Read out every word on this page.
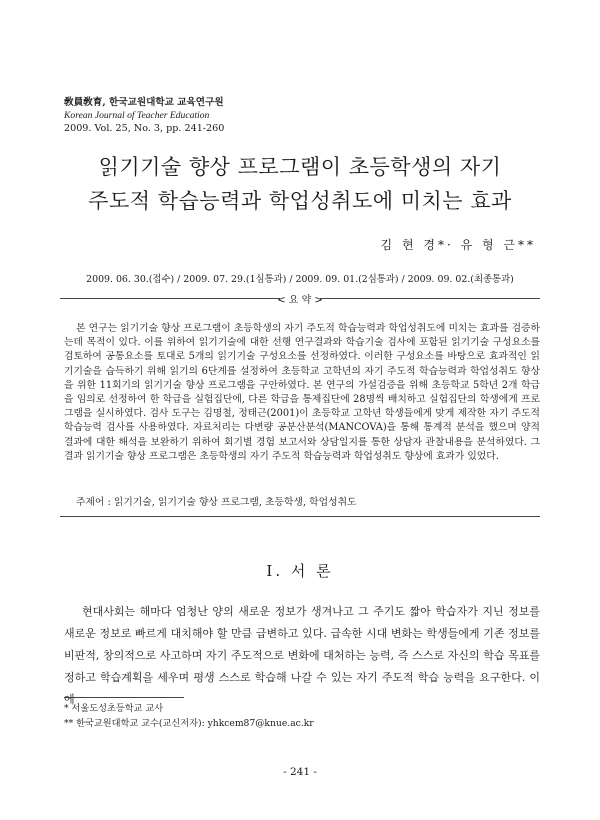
敎員敎育, 한국교원대학교 교육연구원
Korean Journal of Teacher Education
2009. Vol. 25, No. 3, pp. 241-260
읽기기술 향상 프로그램이 초등학생의 자기
주도적 학습능력과 학업성취도에 미치는 효과
김 현 경*· 유 형 근**
2009. 06. 30.(접수) / 2009. 07. 29.(1심통과) / 2009. 09. 01.(2심통과) / 2009. 09. 02.(최종통과)
< 요 약 >
본 연구는 읽기기술 향상 프로그램이 초등학생의 자기 주도적 학습능력과 학업성취도에 미치는 효과를 검증하는데 목적이 있다. 이를 위하여 읽기기술에 대한 선행 연구결과와 학습기술 검사에 포함된 읽기기술 구성요소를 검토하여 공통요소를 토대로 5개의 읽기기술 구성요소를 선정하였다. 이러한 구성요소를 바탕으로 효과적인 읽기기술을 습득하기 위해 읽기의 6단계를 설정하여 초등학교 고학년의 자기 주도적 학습능력과 학업성취도 향상을 위한 11회기의 읽기기술 향상 프로그램을 구안하였다. 본 연구의 가설검증을 위해 초등학교 5학년 2개 학급을 임의로 선정하여 한 학급을 실험집단에, 다른 학급을 통제집단에 28명씩 배치하고 실험집단의 학생에게 프로그램을 실시하였다. 검사 도구는 김명철, 정태근(2001)이 초등학교 고학년 학생들에게 맞게 제작한 자기 주도적 학습능력 검사를 사용하였다. 자료처리는 다변량 공분산분석(MANCOVA)을 통해 통계적 분석을 했으며 양적 결과에 대한 해석을 보완하기 위하여 회기별 경험 보고서와 상담일지를 통한 상담자 관찰내용을 분석하였다. 그 결과 읽기기술 향상 프로그램은 초등학생의 자기 주도적 학습능력과 학업성취도 향상에 효과가 있었다.
주제어 : 읽기기술, 읽기기술 향상 프로그램, 초등학생, 학업성취도
Ⅰ. 서 론
현대사회는 해마다 엄청난 양의 새로운 정보가 생겨나고 그 주기도 짧아 학습자가 지닌 정보를 새로운 정보로 빠르게 대치해야 할 만큼 급변하고 있다. 급속한 시대 변화는 학생들에게 기존 정보를 비판적, 창의적으로 사고하며 자기 주도적으로 변화에 대처하는 능력, 즉 스스로 자신의 학습 목표를 정하고 학습계획을 세우며 평생 스스로 학습해 나갈 수 있는 자기 주도적 학습 능력을 요구한다. 이에
* 서울도성초등학교 교사
** 한국교원대학교 교수(교신저자): yhkcem87@knue.ac.kr
- 241 -
